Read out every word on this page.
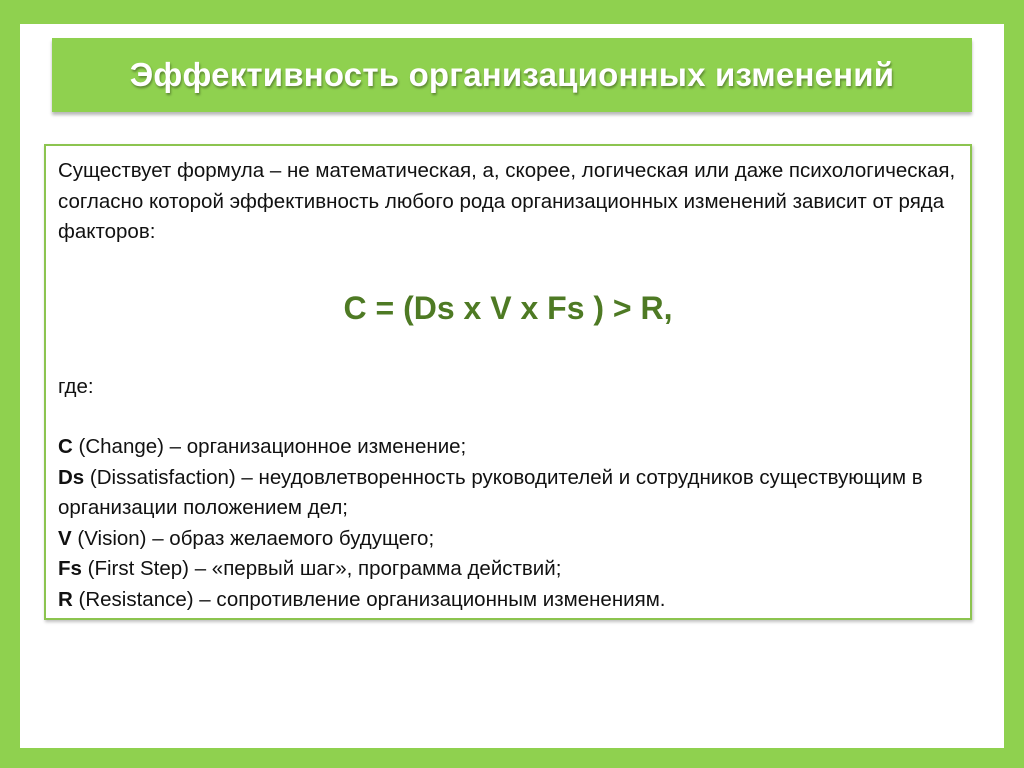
Эффективность организационных изменений

Существует формула – не математическая, а, скорее, логическая или даже психологическая, согласно которой эффективность любого рода организационных изменений зависит от ряда факторов:

C = (Ds x V x Fs ) > R,

где:

C (Change) – организационное изменение;
Ds (Dissatisfaction) – неудовлетворенность руководителей и сотрудников существующим в организации положением дел;
V (Vision) – образ желаемого будущего;
Fs (First Step) – «первый шаг», программа действий;
R (Resistance) – сопротивление организационным изменениям.
